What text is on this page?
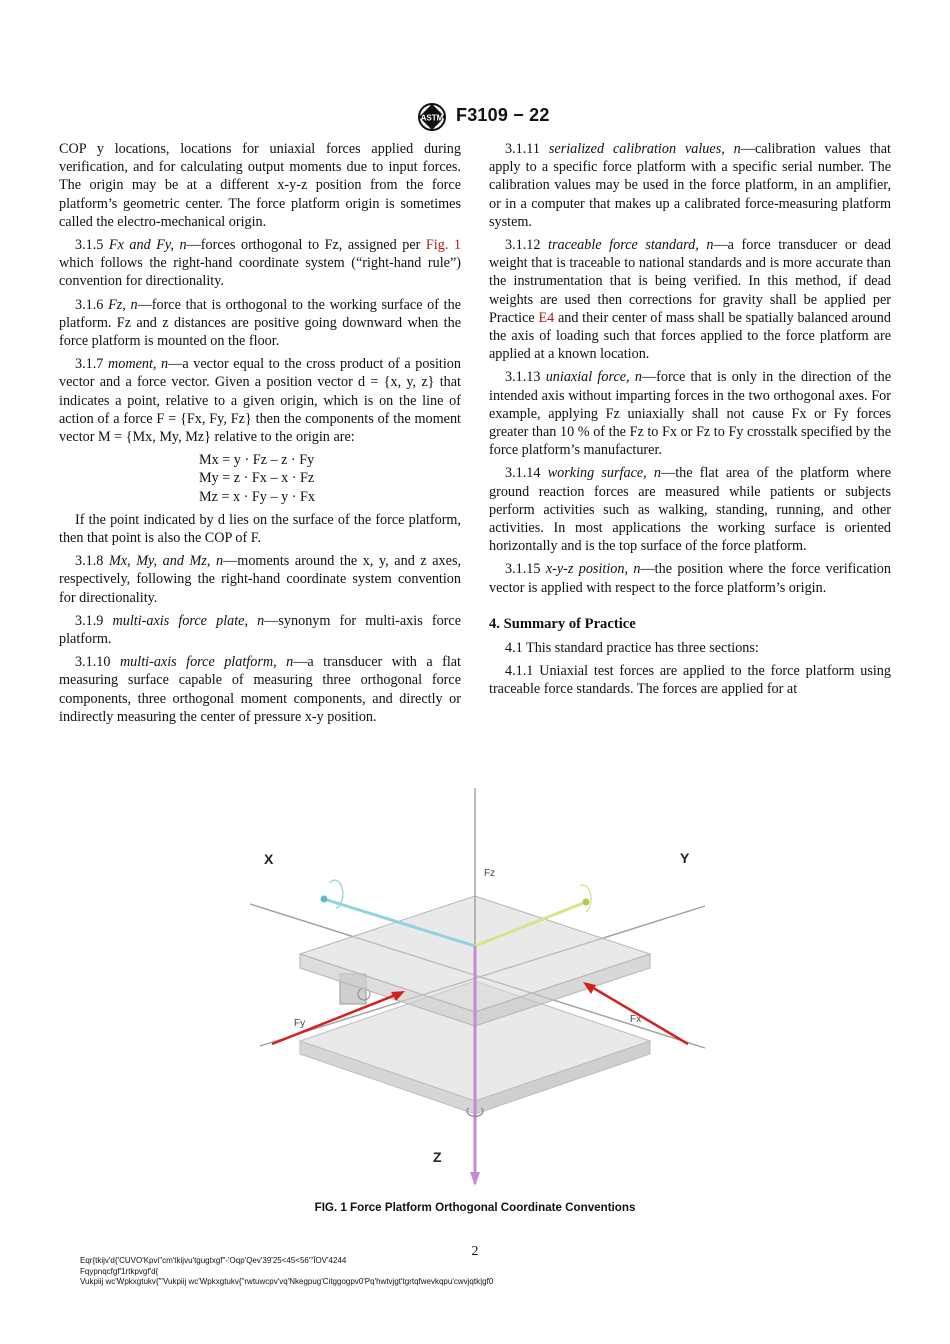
ASTM F3109 − 22

COP y locations, locations for uniaxial forces applied during verification, and for calculating output moments due to input forces. The origin may be at a different x-y-z position from the force platform’s geometric center. The force platform origin is sometimes called the electro-mechanical origin.

3.1.5 Fx and Fy, n—forces orthogonal to Fz, assigned per Fig. 1 which follows the right-hand coordinate system (“right-hand rule”) convention for directionality.

3.1.6 Fz, n—force that is orthogonal to the working surface of the platform. Fz and z distances are positive going downward when the force platform is mounted on the floor.

3.1.7 moment, n—a vector equal to the cross product of a position vector and a force vector. Given a position vector d = {x, y, z} that indicates a point, relative to a given origin, which is on the line of action of a force F = {Fx, Fy, Fz} then the components of the moment vector M = {Mx, My, Mz} relative to the origin are:

Mx = y · Fz – z · Fy

My = z · Fx – x · Fz

Mz = x · Fy – y · Fx

If the point indicated by d lies on the surface of the force platform, then that point is also the COP of F.

3.1.8 Mx, My, and Mz, n—moments around the x, y, and z axes, respectively, following the right-hand coordinate system convention for directionality.

3.1.9 multi-axis force plate, n—synonym for multi-axis force platform.

3.1.10 multi-axis force platform, n—a transducer with a flat measuring surface capable of measuring three orthogonal force components, three orthogonal moment components, and directly or indirectly measuring the center of pressure x-y position.

3.1.11 serialized calibration values, n—calibration values that apply to a specific force platform with a specific serial number. The calibration values may be used in the force platform, in an amplifier, or in a computer that makes up a calibrated force-measuring platform system.

3.1.12 traceable force standard, n—a force transducer or dead weight that is traceable to national standards and is more accurate than the instrumentation that is being verified. In this method, if dead weights are used then corrections for gravity shall be applied per Practice E4 and their center of mass shall be spatially balanced around the axis of loading such that forces applied to the force platform are applied at a known location.

3.1.13 uniaxial force, n—force that is only in the direction of the intended axis without imparting forces in the two orthogonal axes. For example, applying Fz uniaxially shall not cause Fx or Fy forces greater than 10 % of the Fz to Fx or Fz to Fy crosstalk specified by the force platform’s manufacturer.

3.1.14 working surface, n—the flat area of the platform where ground reaction forces are measured while patients or subjects perform activities such as walking, standing, running, and other activities. In most applications the working surface is oriented horizontally and is the top surface of the force platform.

3.1.15 x-y-z position, n—the position where the force verification vector is applied with respect to the force platform’s origin.

4. Summary of Practice

4.1 This standard practice has three sections:

4.1.1 Uniaxial test forces are applied to the force platform using traceable force standards. The forces are applied for at

X	Y
Z
Fz
Fx
Fy
FIG. 1 Force Platform Orthogonal Coordinate Conventions
2
Eqr{tkijv'd{'CUVO'Kpvi"cm'tkijvu'tgugtxgf"-'Oqp'Qev'39'25<45<56'"ÏOV'4244
Fqypnqcfgf'1rtkpvgf'd{
Vukpiij wc'Wpkxgtukv{"'Vukpiij wc'Wpkxgtukv{"rwtuwcpv'vq'Nkegpug'Citggogpv0'Pq'hwtvjgt'tgrtqfwevkqpu'cwvjqtk|gf0
